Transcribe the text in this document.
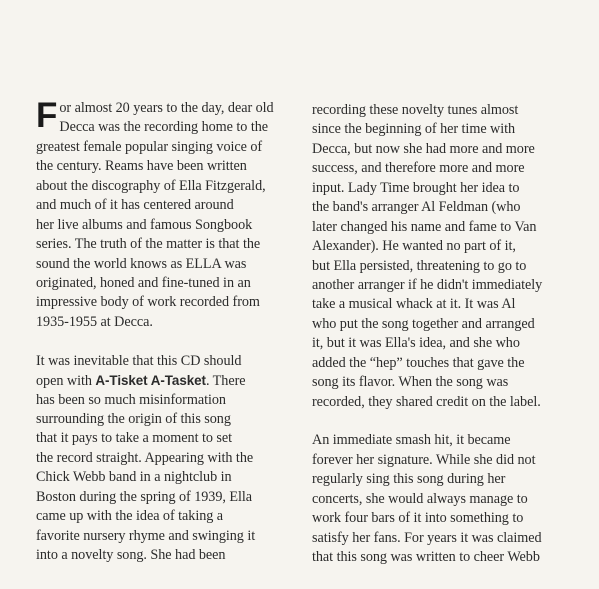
F or almost 20 years to the day, dear old
Decca was the recording home to the
greatest female popular singing voice of
the century. Reams have been written
about the discography of Ella Fitzgerald,
and much of it has centered around
her live albums and famous Songbook
series. The truth of the matter is that the
sound the world knows as ELLA was
originated, honed and fine-tuned in an
impressive body of work recorded from
1935-1955 at Decca.
It was inevitable that this CD should
open with A-Tisket A-Tasket. There
has been so much misinformation
surrounding the origin of this song
that it pays to take a moment to set
the record straight. Appearing with the
Chick Webb band in a nightclub in
Boston during the spring of 1939, Ella
came up with the idea of taking a
favorite nursery rhyme and swinging it
into a novelty song. She had been
recording these novelty tunes almost
since the beginning of her time with
Decca, but now she had more and more
success, and therefore more and more
input. Lady Time brought her idea to
the band's arranger Al Feldman (who
later changed his name and fame to Van
Alexander). He wanted no part of it,
but Ella persisted, threatening to go to
another arranger if he didn't immediately
take a musical whack at it. It was Al
who put the song together and arranged
it, but it was Ella's idea, and she who
added the “hep” touches that gave the
song its flavor. When the song was
recorded, they shared credit on the label.
An immediate smash hit, it became
forever her signature. While she did not
regularly sing this song during her
concerts, she would always manage to
work four bars of it into something to
satisfy her fans. For years it was claimed
that this song was written to cheer Webb
